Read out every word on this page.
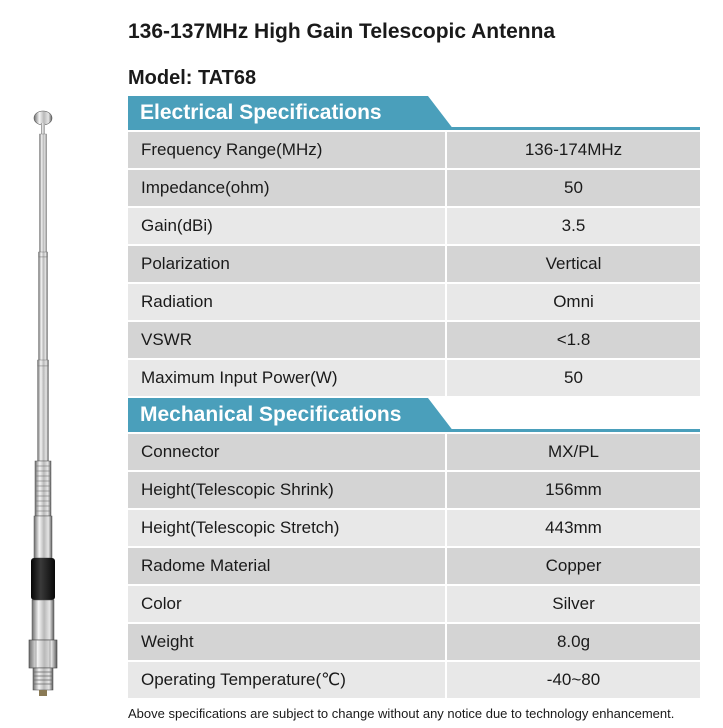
136-137MHz High Gain Telescopic Antenna
Model: TAT68
Electrical Specifications
Frequency Range(MHz)	136-174MHz
Impedance(ohm)	50
Gain(dBi)	3.5
Polarization	Vertical
Radiation	Omni
VSWR	<1.8
Maximum Input Power(W)	50
Mechanical Specifications
Connector	MX/PL
Height(Telescopic Shrink)	156mm
Height(Telescopic Stretch)	443mm
Radome Material	Copper
Color	Silver
Weight	8.0g
Operating Temperature(℃)	-40~80
Above specifications are subject to change without any notice due to technology enhancement.
